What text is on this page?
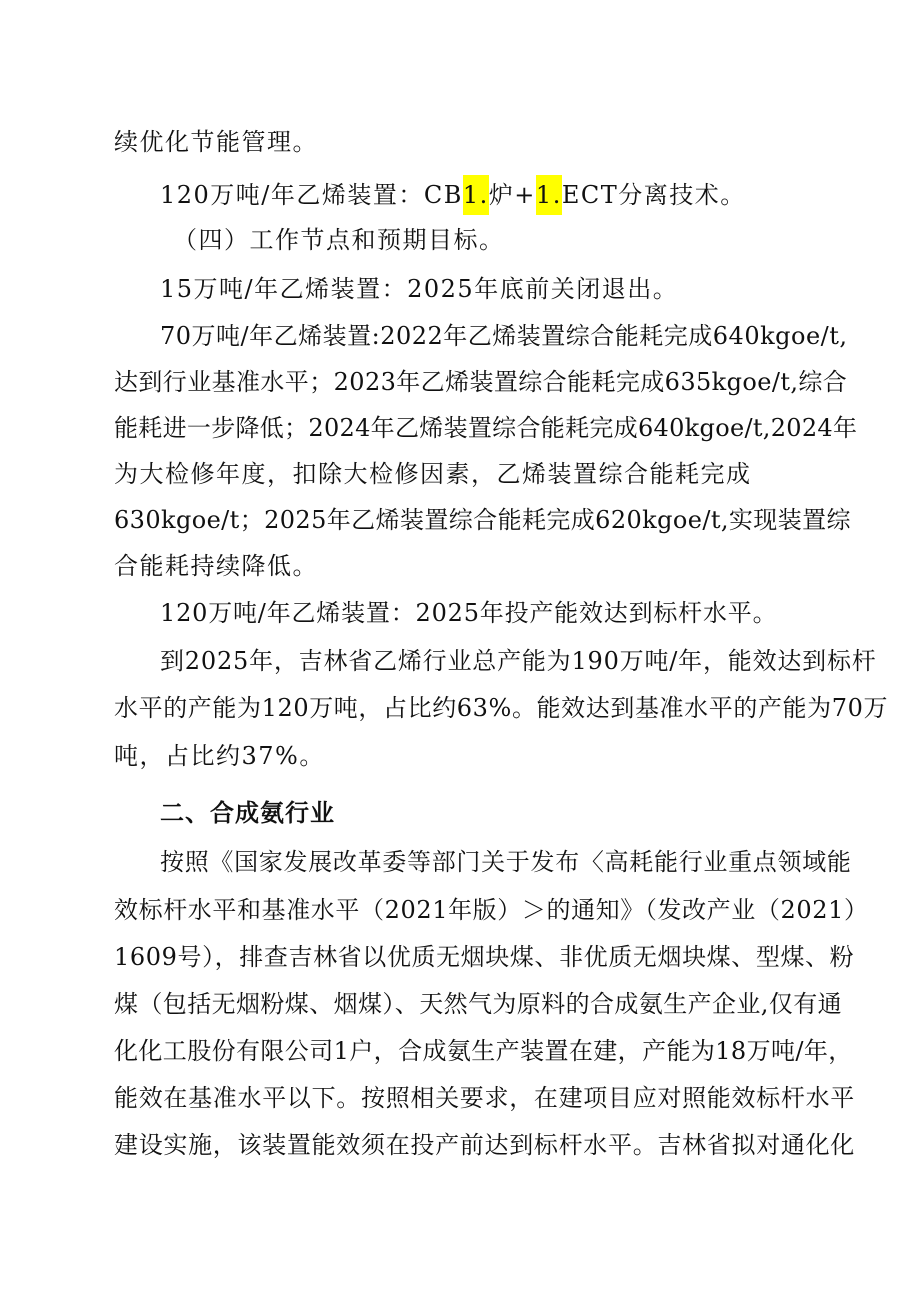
续优化节能管理。
120万吨/年乙烯装置：CB1.炉+1.ECT分离技术。
（四）工作节点和预期目标。
15万吨/年乙烯装置：2025年底前关闭退出。
70万吨/年乙烯装置:2022年乙烯装置综合能耗完成640kgoe/t,
达到行业基准水平；2023年乙烯装置综合能耗完成635kgoe/t,综合
能耗进一步降低；2024年乙烯装置综合能耗完成640kgoe/t,2024年
为大检修年度，扣除大检修因素，乙烯装置综合能耗完成
630kgoe/t；2025年乙烯装置综合能耗完成620kgoe/t,实现装置综
合能耗持续降低。
120万吨/年乙烯装置：2025年投产能效达到标杆水平。
到2025年，吉林省乙烯行业总产能为190万吨/年，能效达到标杆
水平的产能为120万吨，占比约63%。能效达到基准水平的产能为70万
吨，占比约37%。
二、合成氨行业
按照《国家发展改革委等部门关于发布〈高耗能行业重点领域能
效标杆水平和基准水平（2021年版）＞的通知》（发改产业（2021）
1609号），排查吉林省以优质无烟块煤、非优质无烟块煤、型煤、粉
煤（包括无烟粉煤、烟煤）、天然气为原料的合成氨生产企业,仅有通
化化工股份有限公司1户，合成氨生产装置在建，产能为18万吨/年，
能效在基准水平以下。按照相关要求，在建项目应对照能效标杆水平
建设实施，该装置能效须在投产前达到标杆水平。吉林省拟对通化化
